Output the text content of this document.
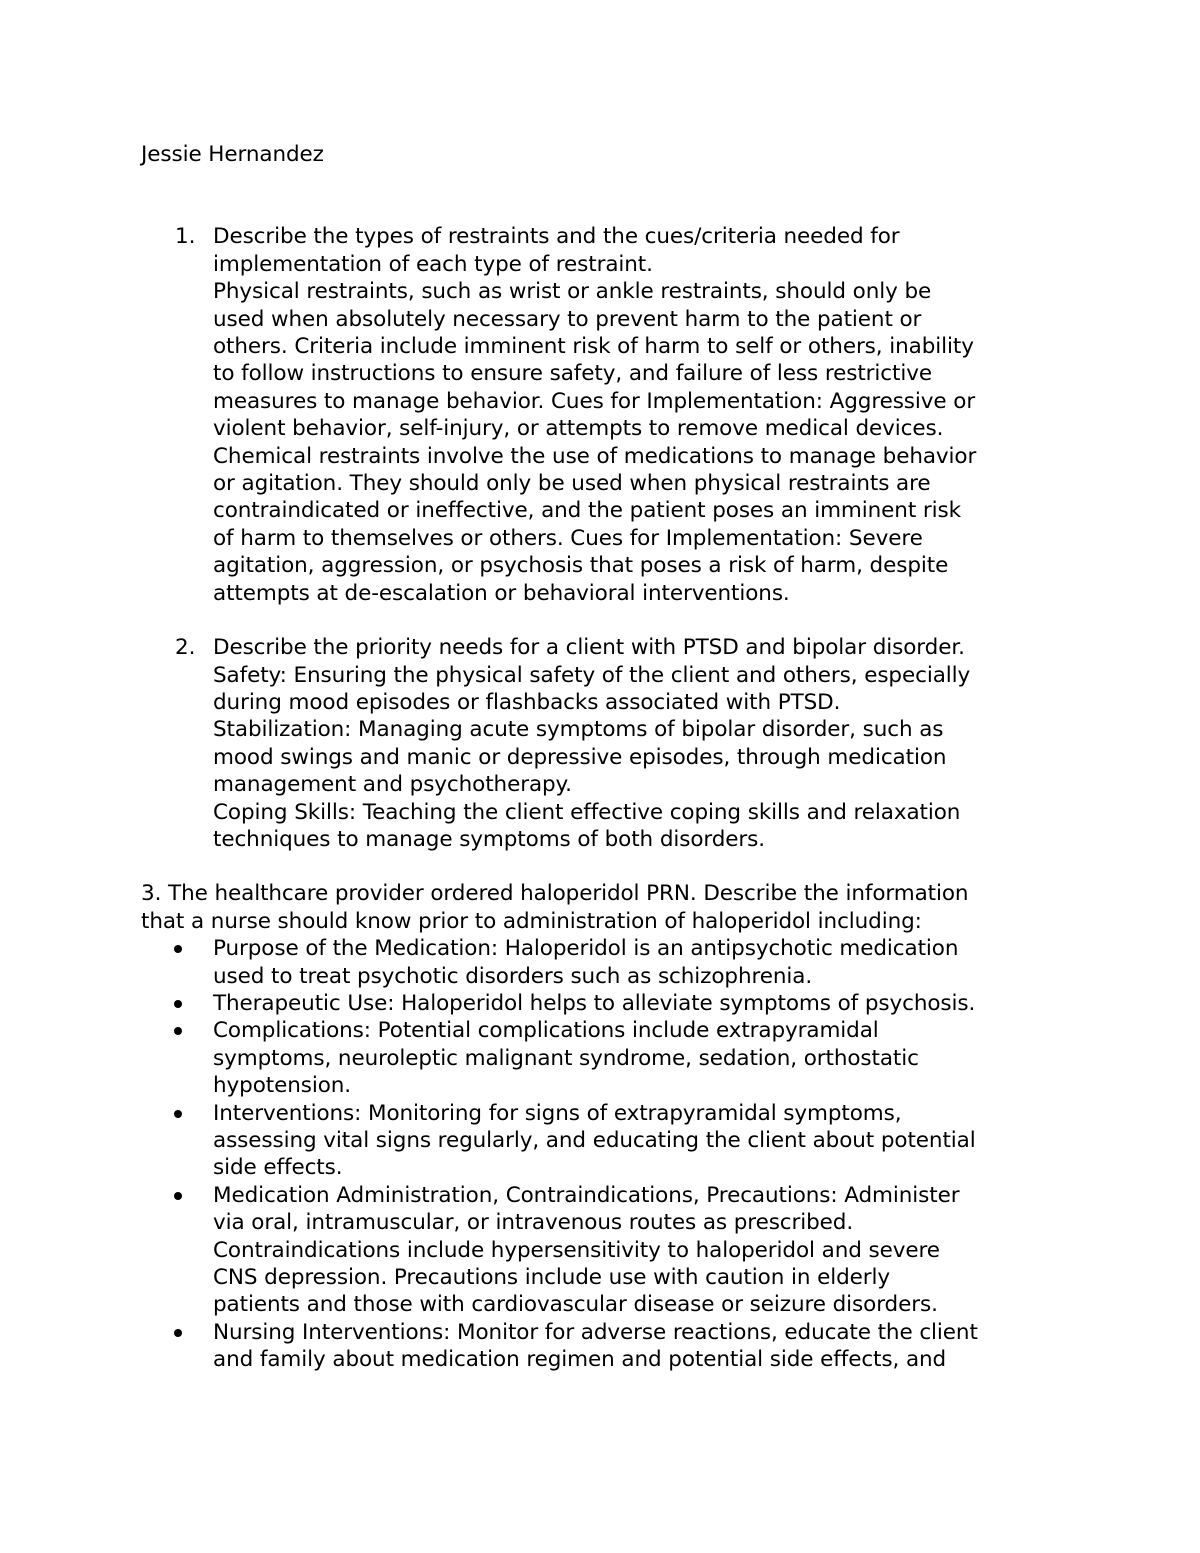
Jessie Hernandez

1. Describe the types of restraints and the cues/criteria needed for
implementation of each type of restraint.
Physical restraints, such as wrist or ankle restraints, should only be
used when absolutely necessary to prevent harm to the patient or
others. Criteria include imminent risk of harm to self or others, inability
to follow instructions to ensure safety, and failure of less restrictive
measures to manage behavior. Cues for Implementation: Aggressive or
violent behavior, self-injury, or attempts to remove medical devices.
Chemical restraints involve the use of medications to manage behavior
or agitation. They should only be used when physical restraints are
contraindicated or ineffective, and the patient poses an imminent risk
of harm to themselves or others. Cues for Implementation: Severe
agitation, aggression, or psychosis that poses a risk of harm, despite
attempts at de-escalation or behavioral interventions.
2. Describe the priority needs for a client with PTSD and bipolar disorder.
Safety: Ensuring the physical safety of the client and others, especially
during mood episodes or flashbacks associated with PTSD.
Stabilization: Managing acute symptoms of bipolar disorder, such as
mood swings and manic or depressive episodes, through medication
management and psychotherapy.
Coping Skills: Teaching the client effective coping skills and relaxation
techniques to manage symptoms of both disorders.

3. The healthcare provider ordered haloperidol PRN. Describe the information
that a nurse should know prior to administration of haloperidol including:

Purpose of the Medication: Haloperidol is an antipsychotic medication
used to treat psychotic disorders such as schizophrenia.
Therapeutic Use: Haloperidol helps to alleviate symptoms of psychosis.
Complications: Potential complications include extrapyramidal
symptoms, neuroleptic malignant syndrome, sedation, orthostatic
hypotension.
Interventions: Monitoring for signs of extrapyramidal symptoms,
assessing vital signs regularly, and educating the client about potential
side effects.
Medication Administration, Contraindications, Precautions: Administer
via oral, intramuscular, or intravenous routes as prescribed.
Contraindications include hypersensitivity to haloperidol and severe
CNS depression. Precautions include use with caution in elderly
patients and those with cardiovascular disease or seizure disorders.
Nursing Interventions: Monitor for adverse reactions, educate the client
and family about medication regimen and potential side effects, and
